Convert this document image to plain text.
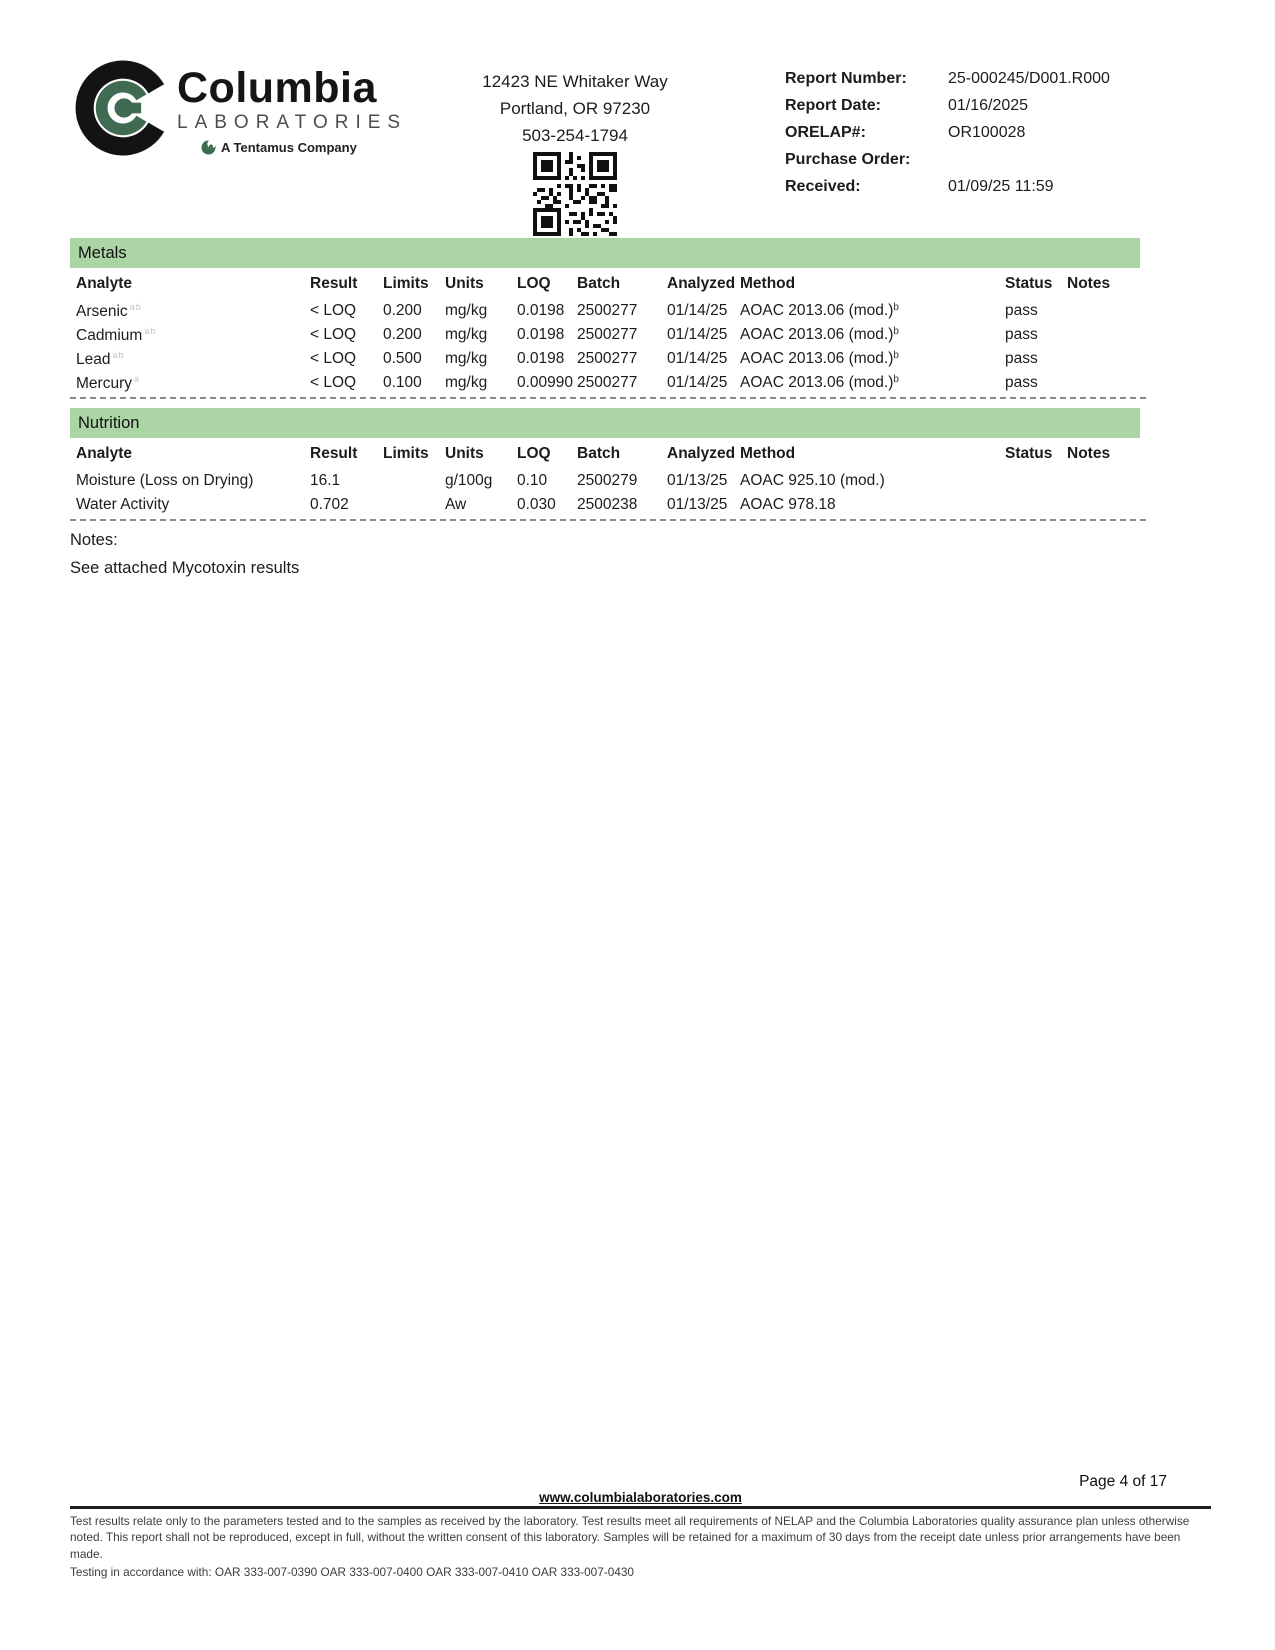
Columbia
LABORATORIES
A Tentamus Company
12423 NE Whitaker Way
Portland, OR 97230
503-254-1794
Report Number:	25-000245/D001.R000
Report Date:	01/16/2025
ORELAP#:	OR100028
Purchase Order:
Received:	01/09/25 11:59
Metals
Analyte	Result	Limits	Units	LOQ	Batch	Analyzed	Method	Status	Notes
Arsenic $^{ab}$	< LOQ	0.200	mg/kg	0.0198	2500277	01/14/25	AOAC 2013.06 $(mod.)^b$	pass	
Cadmium $^{ab}$	< LOQ	0.200	mg/kg	0.0198	2500277	01/14/25	AOAC 2013.06 $(mod.)^b$	pass	
Lead $^{ab}$	< LOQ	0.500	mg/kg	0.0198	2500277	01/14/25	AOAC 2013.06 $(mod.)^b$	pass	
Mercury $^a$	< LOQ	0.100	mg/kg	0.00990	2500277	01/14/25	AOAC 2013.06 $(mod.)^b$	pass	
Nutrition
Analyte	Result	Limits	Units	LOQ	Batch	Analyzed	Method	Status	Notes
Moisture (Loss on Drying)	16.1		g/100g	0.10	2500279	01/13/25	AOAC 925.10 (mod.)		
Water Activity	0.702		Aw	0.030	2500238	01/13/25	AOAC 978.18		
Notes:
See attached Mycotoxin results
Page 4 of 17
www.columbialaboratories.com
Test results relate only to the parameters tested and to the samples as received by the laboratory. Test results meet all requirements of NELAP and the Columbia Laboratories quality assurance plan unless otherwise noted. This report shall not be reproduced, except in full, without the written consent of this laboratory. Samples will be retained for a maximum of 30 days from the receipt date unless prior arrangements have been made.
Testing in accordance with: OAR 333-007-0390 OAR 333-007-0400 OAR 333-007-0410 OAR 333-007-0430
